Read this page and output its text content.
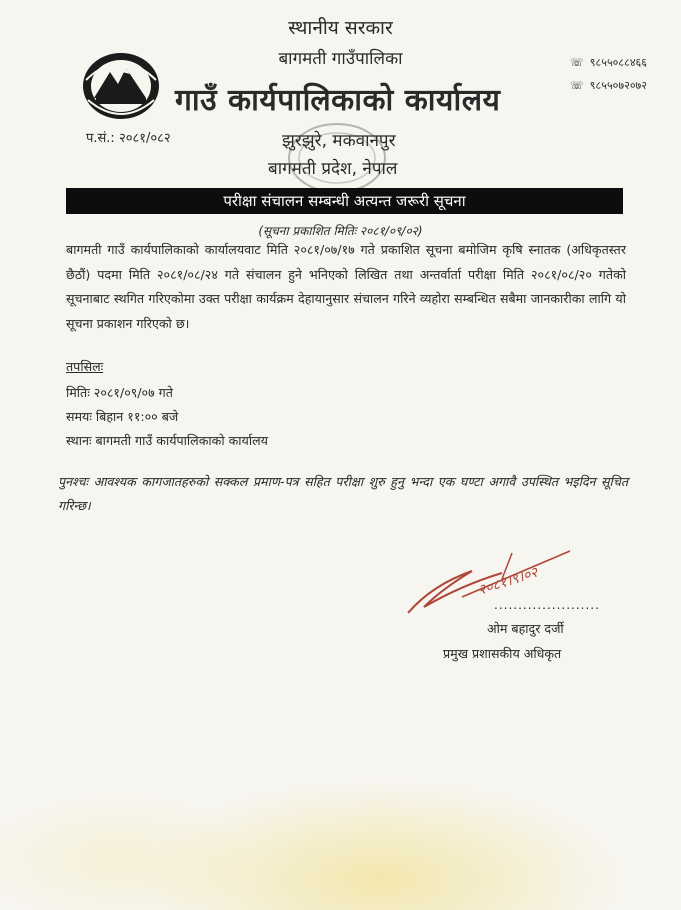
स्थानीय सरकार
बागमती गाउँपालिका
गाउँ कार्यपालिकाको कार्यालय
☏ ९८५५०८८४६६
☏ ९८५५०७२०७२
प.सं.: २०८१/०८२	झुरझुरे, मकवानपुर
बागमती प्रदेश, नेपाल
परीक्षा संचालन सम्बन्धी अत्यन्त जरूरी सूचना
(सूचना प्रकाशित मितिः २०८१/०९/०२)
बागमती गाउँ कार्यपालिकाको कार्यालयवाट मिति २०८१/०७/१७ गते प्रकाशित सूचना बमोजिम कृषि स्नातक (अधिकृतस्तर छैठौं) पदमा मिति २०८१/०८/२४ गते संचालन हुने भनिएको लिखित तथा अन्तर्वार्ता परीक्षा मिति २०८१/०८/२० गतेको सूचनाबाट स्थगित गरिएकोमा उक्त परीक्षा कार्यक्रम देहायानुसार संचालन गरिने व्यहोरा सम्बन्धित सबैमा जानकारीका लागि यो सूचना प्रकाशन गरिएको छ।
तपसिलः
मितिः २०८१/०९/०७ गते
समयः बिहान ११:०० बजे
स्थानः बागमती गाउँ कार्यपालिकाको कार्यालय
पुनश्चः आवश्यक कागजातहरुको सक्कल प्रमाण-पत्र सहित परीक्षा शुरु हुनु भन्दा एक घण्टा अगावै उपस्थित भइदिन सूचित गरिन्छ।
२०८१।९।०२
......................
ओम बहादुर दर्जी
प्रमुख प्रशासकीय अधिकृत
